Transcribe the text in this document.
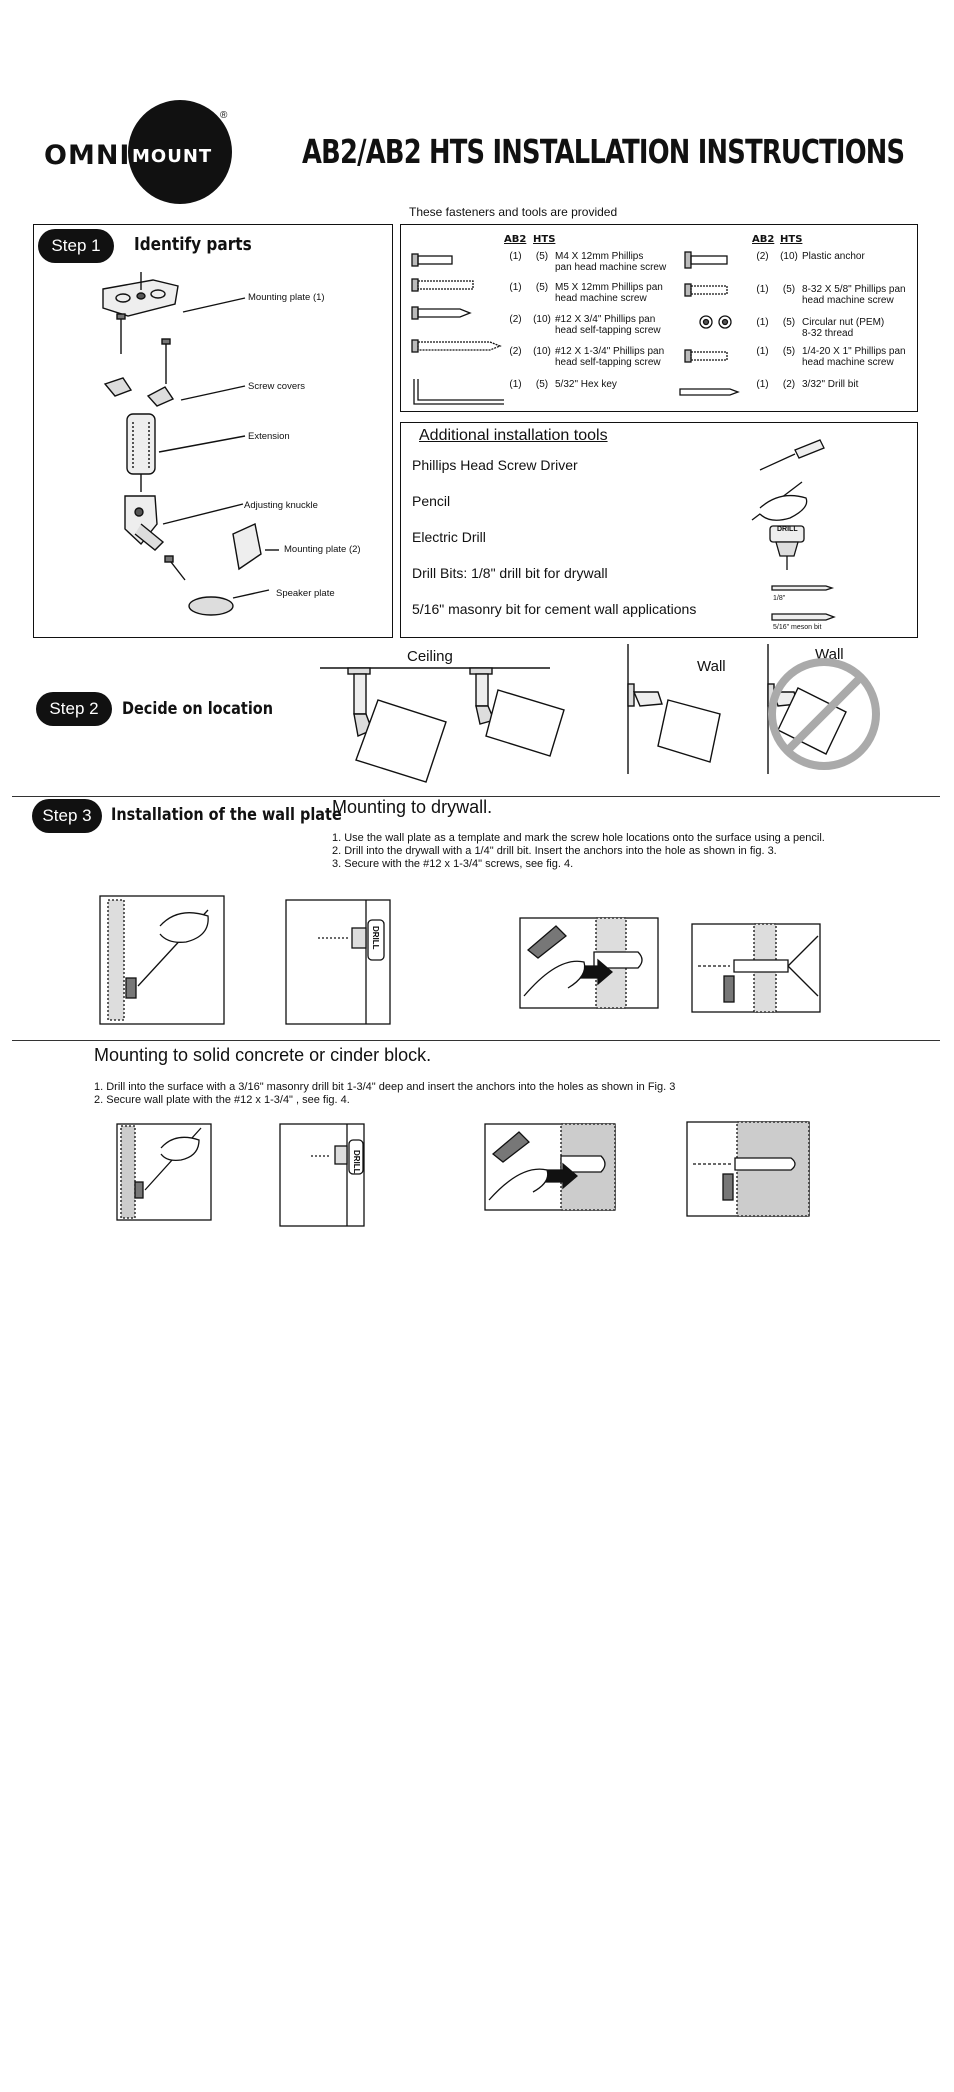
OMNI MOUNT
®
AB2/AB2 HTS INSTALLATION INSTRUCTIONS
These fasteners and tools are provided
Step 1	Identify parts
Mounting plate (1)
Screw covers
Extension
Adjusting knuckle
Mounting plate (2)
Speaker plate
AB2 HTS	AB2 HTS
(1)	(5) M4 X 12mm Phillips
pan head machine screw
(1)	(5) M5 X 12mm Phillips pan
head machine screw
(2)	(10) #12 X 3/4" Phillips pan
head self-tapping screw
(2)	(10) #12 X 1-3/4" Phillips pan
head self-tapping screw
(1)	(5) 5/32" Hex key
(2)	(10) Plastic anchor
(1)	(5) 8-32 X 5/8" Phillips pan
head machine screw
(1)	(5) Circular nut (PEM)
8-32 thread
(1)	(5) 1/4-20 X 1" Phillips pan
head machine screw
(1)	(2) 3/32" Drill bit
Additional installation tools
Phillips Head Screw Driver
Pencil
Electric Drill
Drill Bits: 1/8" drill bit for drywall
5/16" masonry bit for cement wall applications
DRILL
1/8"
5/16" meson bit
Step 2	Decide on location
Ceiling
Wall
Wall
Step 3	Installation of the wall plate
Mounting to drywall.
1. Use the wall plate as a template and mark the screw hole locations onto the surface using a pencil.
2. Drill into the drywall with a 1/4" drill bit. Insert the anchors into the hole as shown in fig. 3.
3. Secure with the #12 x 1-3/4" screws, see fig. 4.
DRILL
Mounting to solid concrete or cinder block.
1. Drill into the surface with a 3/16" masonry drill bit 1-3/4" deep and insert the anchors into the holes as shown in Fig. 3
2. Secure wall plate with the #12 x 1-3/4" , see fig. 4.
DRILL
